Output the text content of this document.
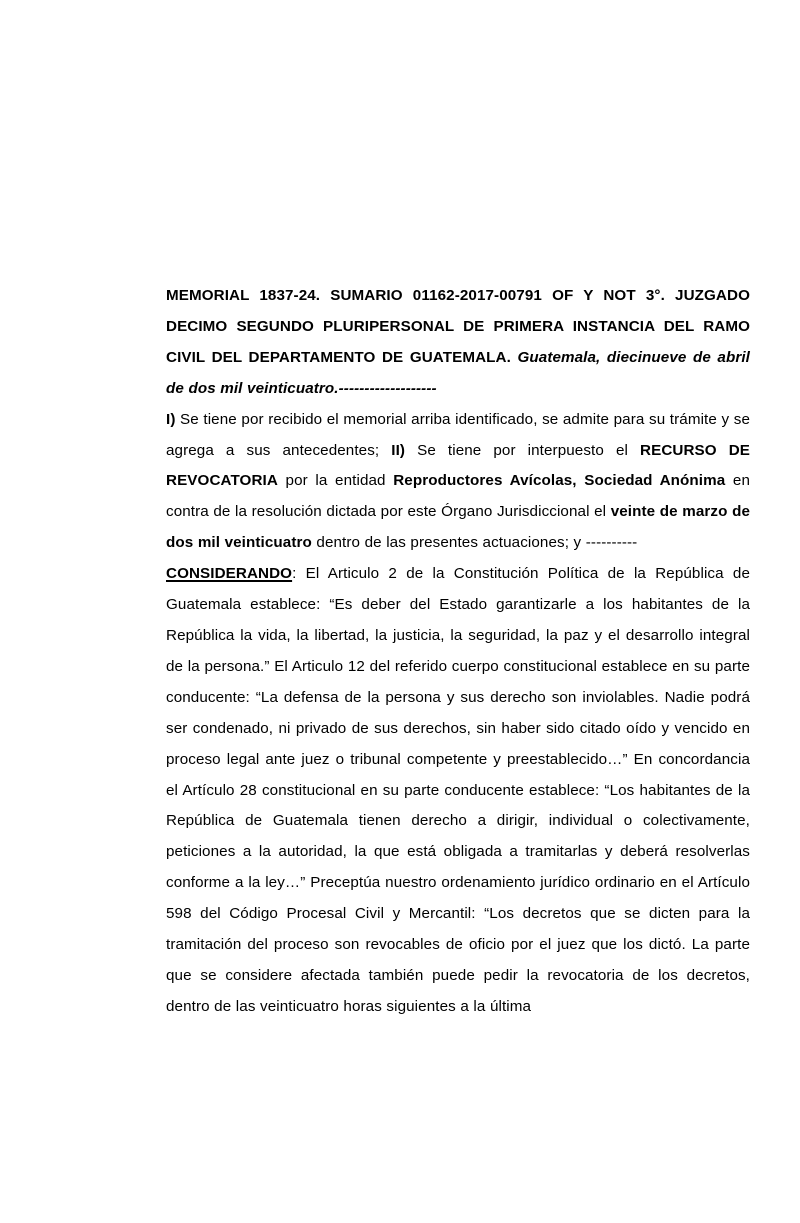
MEMORIAL 1837-24. SUMARIO 01162-2017-00791 OF Y NOT 3°. JUZGADO DECIMO SEGUNDO PLURIPERSONAL DE PRIMERA INSTANCIA DEL RAMO CIVIL DEL DEPARTAMENTO DE GUATEMALA. Guatemala, diecinueve de abril de dos mil veinticuatro.-------------------

I) Se tiene por recibido el memorial arriba identificado, se admite para su trámite y se agrega a sus antecedentes; II) Se tiene por interpuesto el RECURSO DE REVOCATORIA por la entidad Reproductores Avícolas, Sociedad Anónima en contra de la resolución dictada por este Órgano Jurisdiccional el veinte de marzo de dos mil veinticuatro dentro de las presentes actuaciones; y ----------

CONSIDERANDO: El Articulo 2 de la Constitución Política de la República de Guatemala establece: “Es deber del Estado garantizarle a los habitantes de la República la vida, la libertad, la justicia, la seguridad, la paz y el desarrollo integral de la persona.” El Articulo 12 del referido cuerpo constitucional establece en su parte conducente: “La defensa de la persona y sus derecho son inviolables. Nadie podrá ser condenado, ni privado de sus derechos, sin haber sido citado oído y vencido en proceso legal ante juez o tribunal competente y preestablecido…” En concordancia el Artículo 28 constitucional en su parte conducente establece: “Los habitantes de la República de Guatemala tienen derecho a dirigir, individual o colectivamente, peticiones a la autoridad, la que está obligada a tramitarlas y deberá resolverlas conforme a la ley…” Preceptúa nuestro ordenamiento jurídico ordinario en el Artículo 598 del Código Procesal Civil y Mercantil: “Los decretos que se dicten para la tramitación del proceso son revocables de oficio por el juez que los dictó. La parte que se considere afectada también puede pedir la revocatoria de los decretos, dentro de las veinticuatro horas siguientes a la última
